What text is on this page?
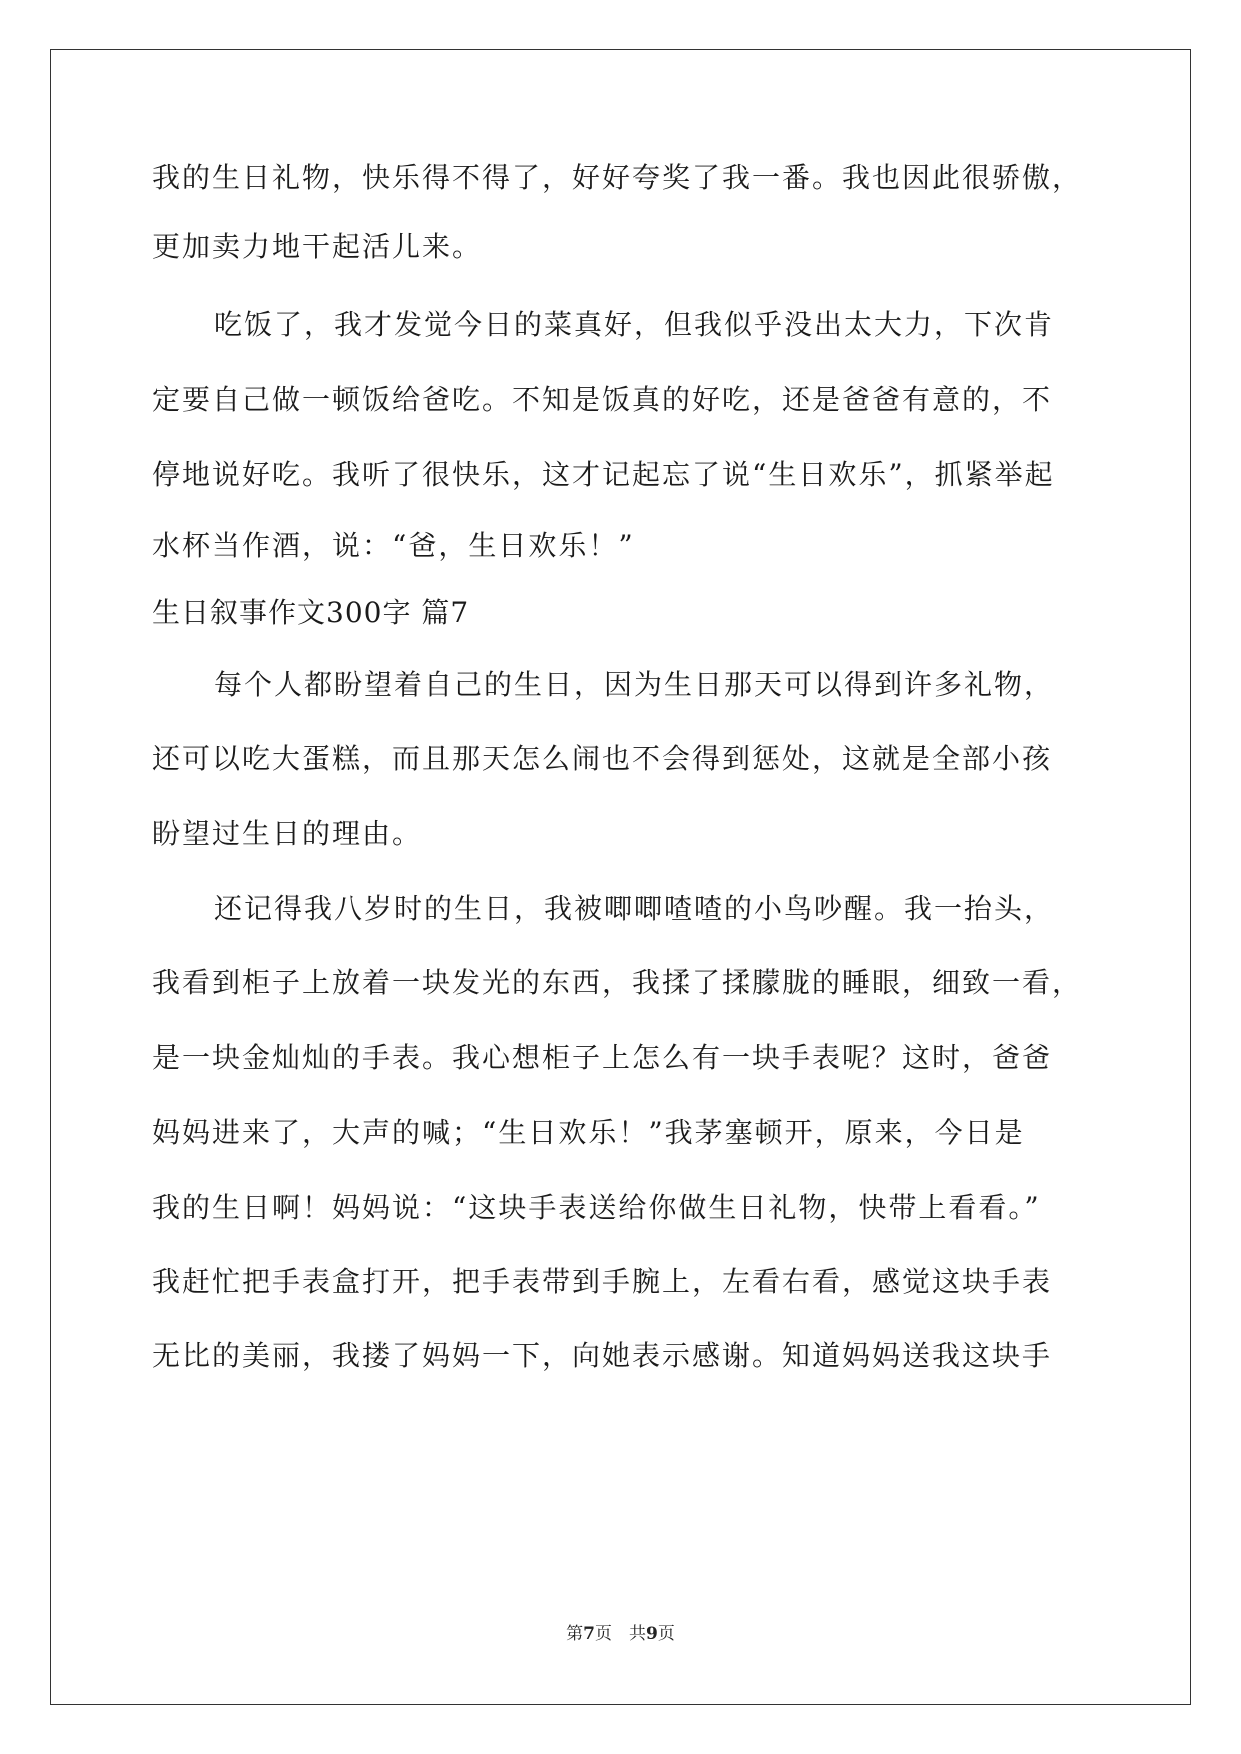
我的生日礼物，快乐得不得了，好好夸奖了我一番。我也因此很骄傲，
更加卖力地干起活儿来。
吃饭了，我才发觉今日的菜真好，但我似乎没出太大力，下次肯
定要自己做一顿饭给爸吃。不知是饭真的好吃，还是爸爸有意的，不
停地说好吃。我听了很快乐，这才记起忘了说“生日欢乐”，抓紧举起
水杯当作酒，说：“爸，生日欢乐！”
生日叙事作文300字 篇7
每个人都盼望着自己的生日，因为生日那天可以得到许多礼物，
还可以吃大蛋糕，而且那天怎么闹也不会得到惩处，这就是全部小孩
盼望过生日的理由。
还记得我八岁时的生日，我被唧唧喳喳的小鸟吵醒。我一抬头，
我看到柜子上放着一块发光的东西，我揉了揉朦胧的睡眼，细致一看，
是一块金灿灿的手表。我心想柜子上怎么有一块手表呢？这时，爸爸
妈妈进来了，大声的喊；“生日欢乐！”我茅塞顿开，原来，今日是
我的生日啊！妈妈说：“这块手表送给你做生日礼物，快带上看看。”
我赶忙把手表盒打开，把手表带到手腕上，左看右看，感觉这块手表
无比的美丽，我搂了妈妈一下，向她表示感谢。知道妈妈送我这块手
第7页　共9页
